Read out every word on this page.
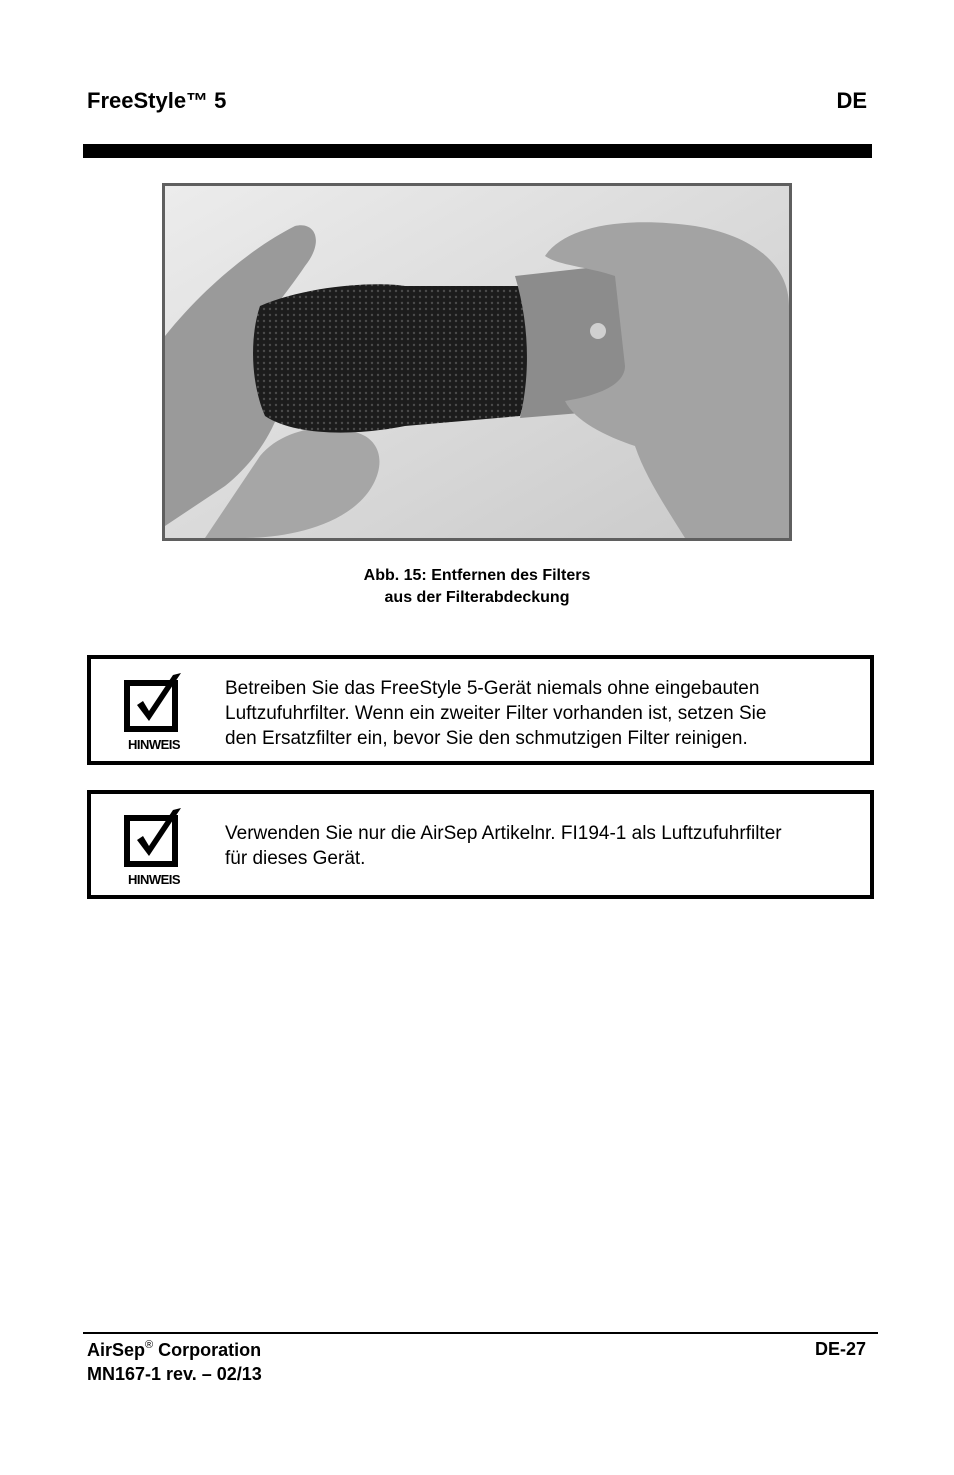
FreeStyle™ 5	DE
Abb. 15: Entfernen des Filters
aus der Filterabdeckung
HINWEIS
Betreiben Sie das FreeStyle 5-Gerät niemals ohne eingebauten
Luftzufuhrfilter. Wenn ein zweiter Filter vorhanden ist, setzen Sie
den Ersatzfilter ein, bevor Sie den schmutzigen Filter reinigen.
HINWEIS
Verwenden Sie nur die AirSep Artikelnr. FI194-1 als Luftzufuhrfilter
für dieses Gerät.
AirSep® Corporation
MN167-1 rev. – 02/13
DE-27
